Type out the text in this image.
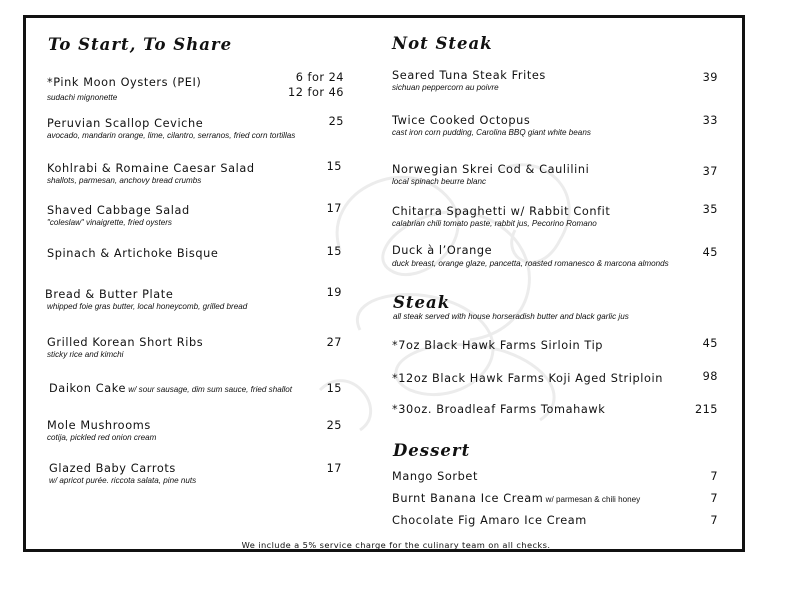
To Start, To Share
*Pink Moon Oysters (PEI)
sudachi mignonette
6 for 24
12 for 46
Peruvian Scallop Ceviche
avocado, mandarin orange, lime, cilantro, serranos, fried corn tortillas
25
Kohlrabi & Romaine Caesar Salad
shallots, parmesan, anchovy bread crumbs
15
Shaved Cabbage Salad
"coleslaw" vinaigrette, fried oysters
17
Spinach & Artichoke Bisque	15
Bread & Butter Plate
whipped foie gras butter, local honeycomb, grilled bread
19
Grilled Korean Short Ribs
sticky rice and kimchi
27
Daikon Cake w/ sour sausage, dim sum sauce, fried shallot	15
Mole Mushrooms
cotija, pickled red onion cream
25
Glazed Baby Carrots
w/ apricot purée. riccota salata, pine nuts
17
Not Steak
Seared Tuna Steak Frites
sichuan peppercorn au poivre
39
Twice Cooked Octopus
cast iron corn pudding, Carolina BBQ giant white beans
33
Norwegian Skrei Cod & Caulilini
local spinach beurre blanc
37
Chitarra Spaghetti w/ Rabbit Confit
calabrian chili tomato paste, rabbit jus, Pecorino Romano
35
Duck à l’Orange
duck breast, orange glaze, pancetta, roasted romanesco & marcona almonds
45
Steak
all steak served with house horseradish butter and black garlic jus
*7oz Black Hawk Farms Sirloin Tip	45
*12oz Black Hawk Farms Koji Aged Striploin	98
*30oz. Broadleaf Farms Tomahawk	215
Dessert
Mango Sorbet	7
Burnt Banana Ice Cream w/ parmesan & chili honey	7
Chocolate Fig Amaro Ice Cream	7
We include a 5% service charge for the culinary team on all checks.
